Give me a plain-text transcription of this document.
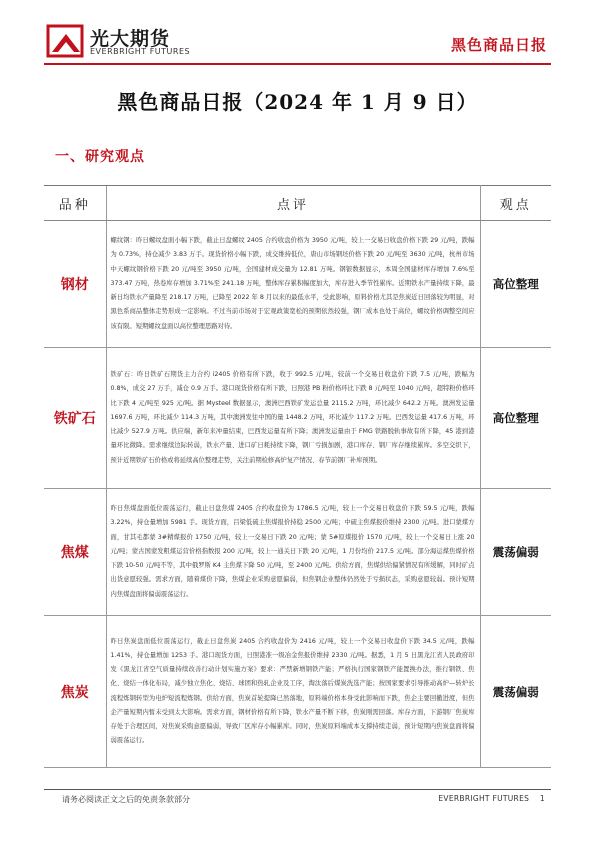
光大期货
EVERBRIGHT FUTURES	黑色商品日报
黑色商品日报（2024 年 1 月 9 日）
一、研究观点
品种	点评	观点
钢材	螺纹钢：昨日螺纹盘面小幅下跌，截止日盘螺纹 2405 合约收盘价格为 3950 元/吨，较上一交易日收盘价格下跌 29 元/吨，跌幅为 0.73%，持仓减少 3.83 万手。现货价格小幅下跌，成交维持低位，唐山市场钢坯价格下跌 20 元/吨至 3630 元/吨，杭州市场中天螺纹钢价格下跌 20 元/吨至 3950 元/吨，全国建材成交量为 12.81 万吨。钢银数据显示，本周全国建材库存增加 7.6%至 373.47 万吨，热卷库存增加 3.71%至 241.18 万吨，整体库存累积幅度加大，库存进入季节性累库。近期铁水产量持续下降，最新日均铁水产量降至 218.17 万吨，已降至 2022 年 8 月以来的最低水平，受此影响，原料价格尤其是焦炭近日回落较为明显，对黑色系商品整体走势形成一定影响。不过当前市场对于宏观政策宽松的预期依然较强，钢厂成本也处于高位，螺纹价格调整空间应该有限。短期螺纹盘面以高位整理思路对待。	高位整理
铁矿石	铁矿石：昨日铁矿石期货主力合约 i2405 价格有所下跌，收于 992.5 元/吨，较前一个交易日收盘价下跌 7.5 元/吨，跌幅为 0.8%，成交 27 万手，减仓 0.9 万手。港口现货价格有所下跌，日照港 PB 粉价格环比下跌 8 元/吨至 1040 元/吨，超特粉价格环比下跌 4 元/吨至 925 元/吨。据 Mysteel 数据显示，澳洲巴西铁矿发运总量 2115.2 万吨，环比减少 642.2 万吨。澳洲发运量 1697.6 万吨，环比减少 114.3 万吨，其中澳洲发往中国的量 1448.2 万吨，环比减少 117.2 万吨。巴西发运量 417.6 万吨，环比减少 527.9 万吨。供应端，新年来冲量结束，巴西发运量有所下降；澳洲发运量由于 FMG 铁路脱轨事故有所下降，45 港到港量环比微降。需求继续边际转弱，铁水产量、进口矿日耗持续下降，钢厂亏损加剧，港口库存、钢厂库存继续累库。多空交织下，预计近期铁矿石价格或将延续高位整理走势，关注前期检修高炉复产情况、春节前钢厂补库预期。	高位整理
焦煤	昨日焦煤盘面低位震荡运行，截止日盘焦煤 2405 合约收盘价为 1786.5 元/吨，较上一个交易日收盘价下跌 59.5 元/吨，跌幅 3.22%，持仓量增加 5981 手。现货方面，吕梁低硫主焦煤报价持稳 2500 元/吨；中硫主焦煤报价维持 2300 元/吨。进口蒙煤方面，甘其毛都蒙 3#精煤报价 1750 元/吨，较上一交易日下跌 20 元/吨；蒙 5#原煤报价 1570 元/吨，较上一个交易日上涨 20 元/吨；蒙古国蒙发粗煤运营价格指数报 200 元/吨，较上一通关日下跌 20 元/吨，1 月份均价 217.5 元/吨。部分海运煤焦煤价格下跌 10-50 元/吨不等，其中俄罗斯 K4 主焦煤下降 50 元/吨，至 2400 元/吨。供给方面，焦煤供给偏紧情况有所缓解，同时矿点出货意愿较强。需求方面，随着煤价下降，焦煤企业采购意愿偏弱，但焦钢企业整体仍然处于亏损状态，采购意愿较弱。预计短期内焦煤盘面将偏弱震荡运行。	震荡偏弱
焦炭	昨日焦炭盘面低位震荡运行，截止日盘焦炭 2405 合约收盘价为 2416 元/吨，较上一个交易日收盘价下跌 34.5 元/吨，跌幅 1.41%，持仓量增加 1253 手。港口现货方面，日照港准一级冶金焦报价维持 2330 元/吨。据悉，1 月 5 日黑龙江省人民政府印发《黑龙江省空气质量持续改善行动计划实施方案》要求：严禁新增钢铁产能；严格执行国家钢铁产能置换办法，推行钢铁、焦化、烧结一体化布局，减少独立焦化、烧结、球团和热轧企业及工序，淘汰落后煤炭洗选产能；按国家要求引导推动高炉—转炉长流程炼钢转型为电炉短流程炼钢。供给方面，焦炭首轮提降已然落地，原料端价格本身受此影响而下跌，焦企主要回撤进度，但焦企产量短期内暂未受到太大影响。需求方面，钢材价格有所下降，铁水产量不断下移，焦炭刚需回落。库存方面，下游钢厂焦炭库存处于合理区间，对焦炭采购意愿偏弱，导致厂区库存小幅累库。同时，焦炭原料端成本支撑持续走弱，预计短期内焦炭盘面将偏弱震荡运行。	震荡偏弱
请务必阅读正文之后的免责条款部分	EVERBRIGHT FUTURES 1
